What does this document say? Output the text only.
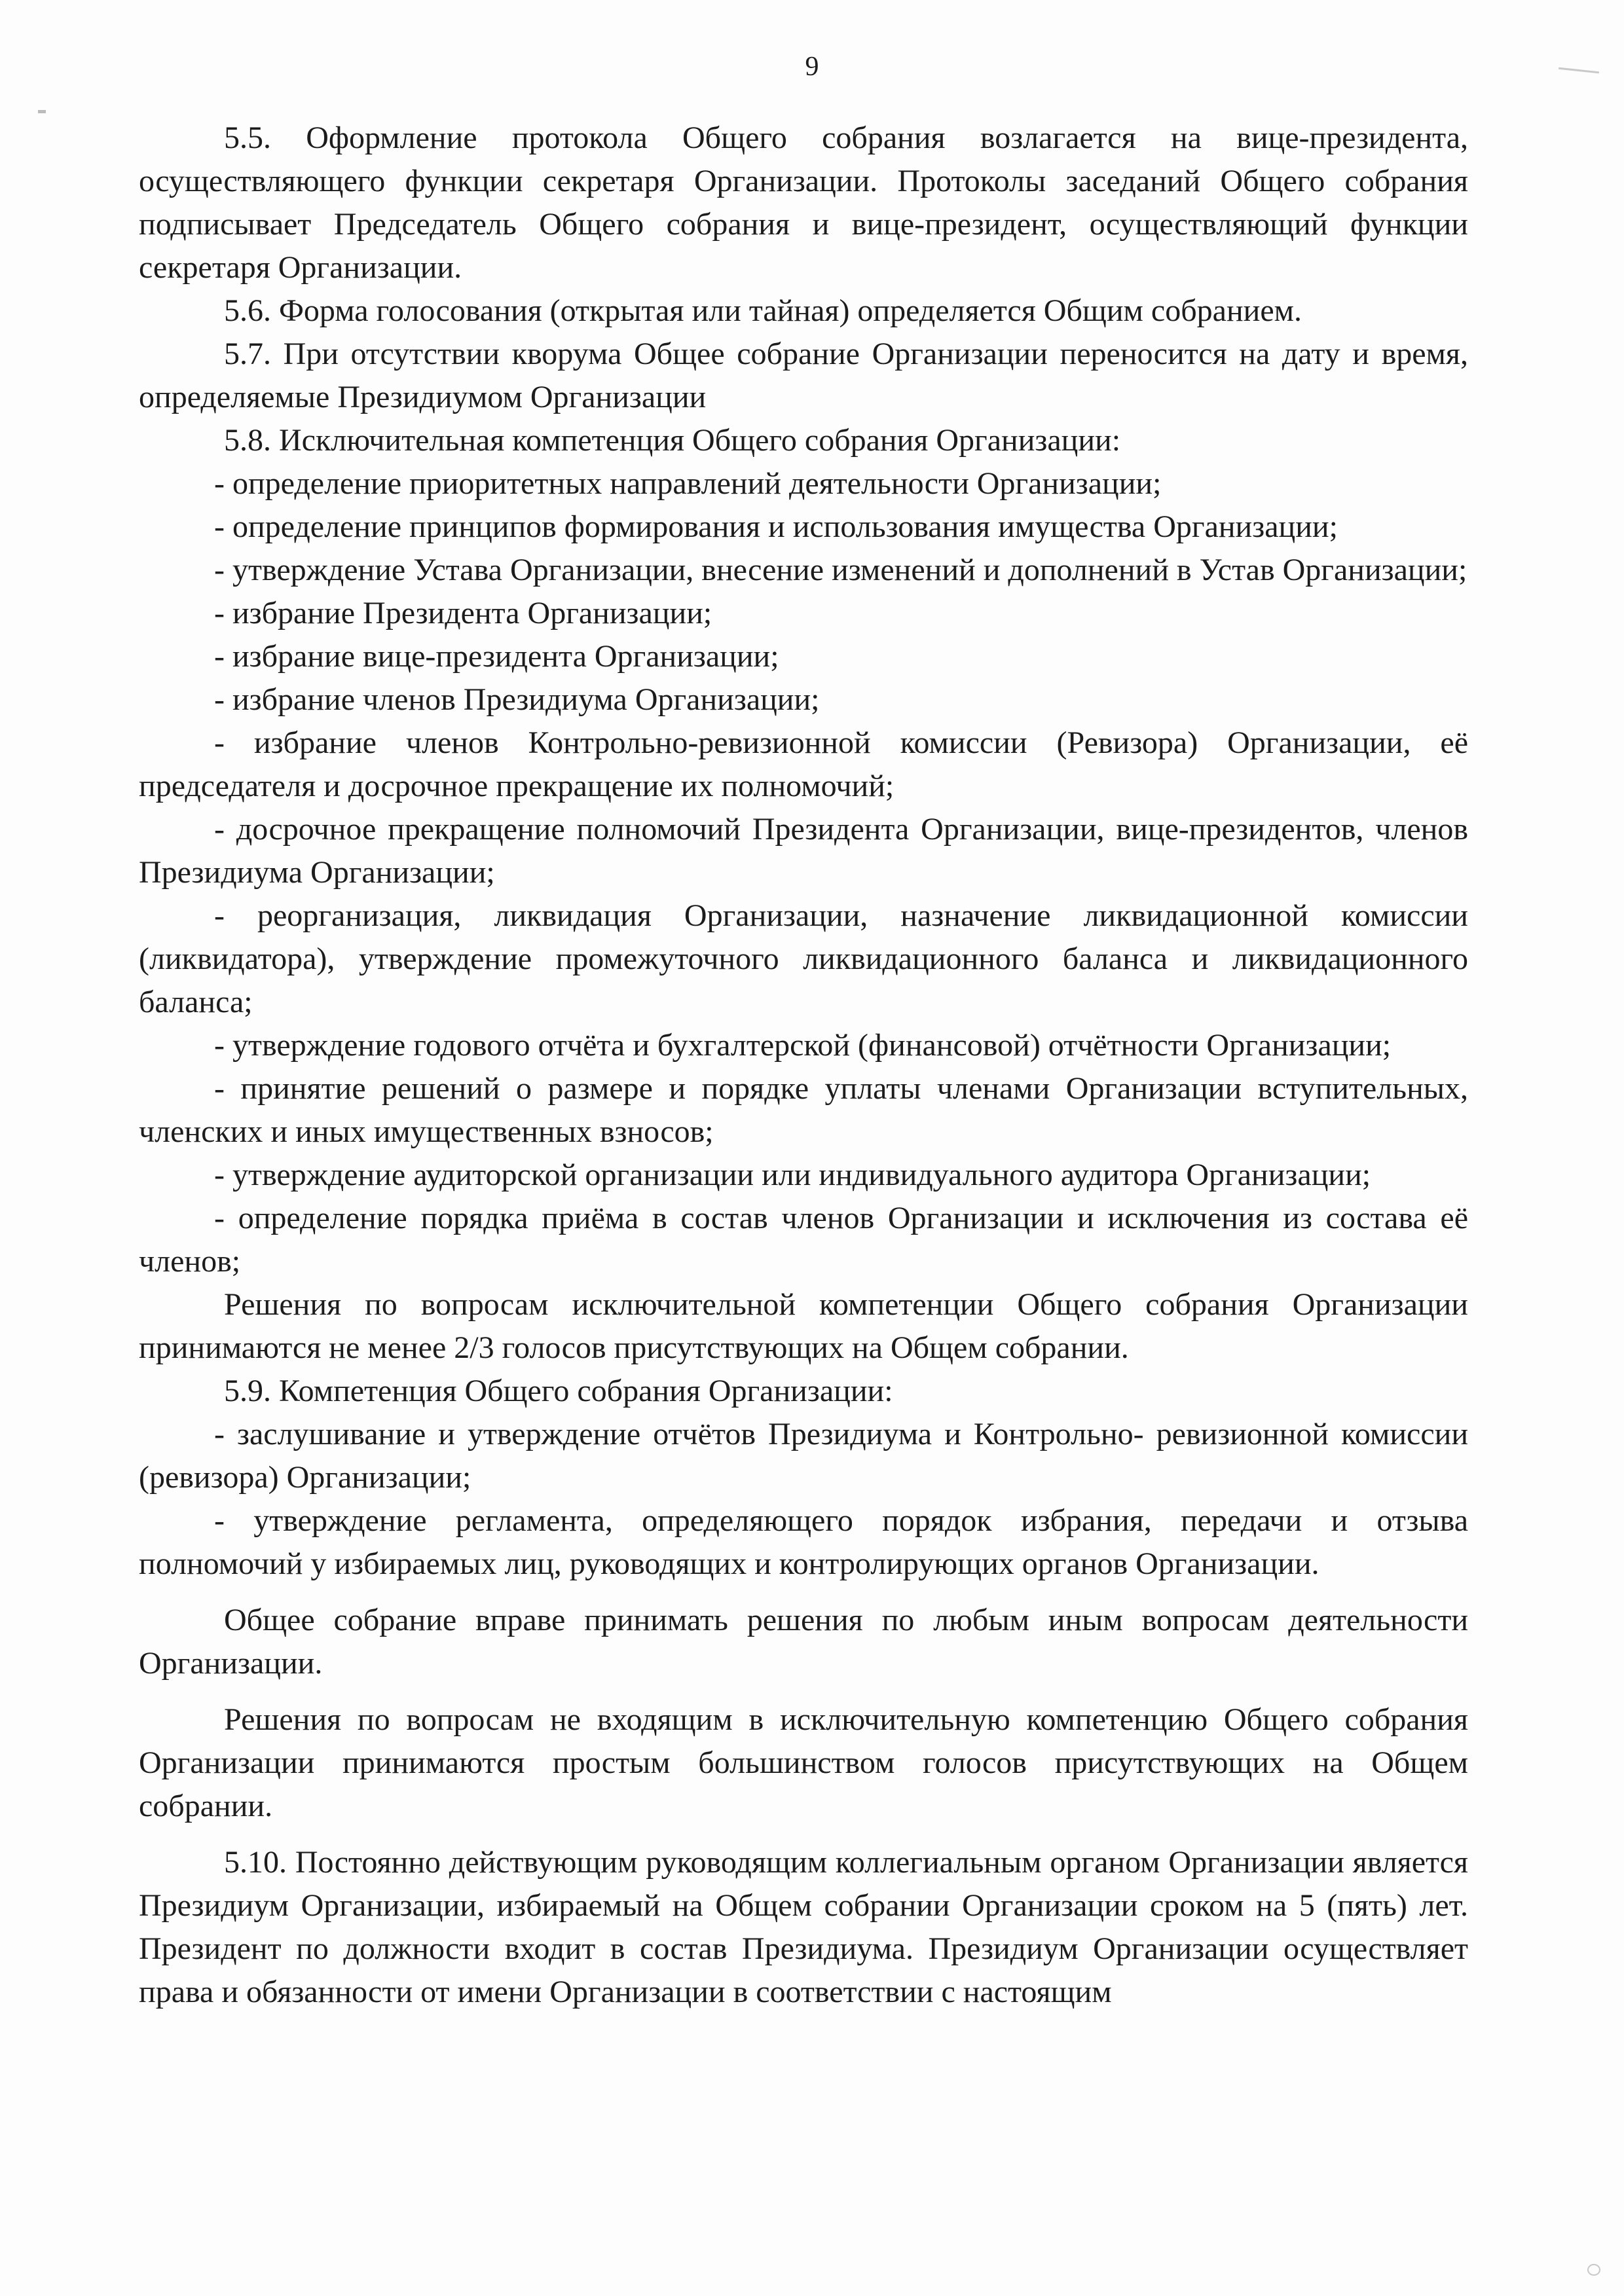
9

5.5. Оформление протокола Общего собрания возлагается на вице-президента, осуществляющего функции секретаря Организации. Протоколы заседаний Общего собрания подписывает Председатель Общего собрания и вице-президент, осуществляющий функции секретаря Организации.

5.6. Форма голосования (открытая или тайная) определяется Общим собранием.

5.7. При отсутствии кворума Общее собрание Организации переносится на дату и время, определяемые Президиумом Организации

5.8. Исключительная компетенция Общего собрания Организации:

- определение приоритетных направлений деятельности Организации;

- определение принципов формирования и использования имущества Организации;

- утверждение Устава Организации, внесение изменений и дополнений в Устав Организации;

- избрание Президента Организации;

- избрание вице-президента Организации;

- избрание членов Президиума Организации;

- избрание членов Контрольно-ревизионной комиссии (Ревизора) Организации, её председателя и досрочное прекращение их полномочий;

- досрочное прекращение полномочий Президента Организации, вице-президентов, членов Президиума Организации;

- реорганизация, ликвидация Организации, назначение ликвидационной комиссии (ликвидатора), утверждение промежуточного ликвидационного баланса и ликвидационного баланса;

- утверждение годового отчёта и бухгалтерской (финансовой) отчётности Организации;

- принятие решений о размере и порядке уплаты членами Организации вступительных, членских и иных имущественных взносов;

- утверждение аудиторской организации или индивидуального аудитора Организации;

- определение порядка приёма в состав членов Организации и исключения из состава её членов;

Решения по вопросам исключительной компетенции Общего собрания Организации принимаются не менее 2/3 голосов присутствующих на Общем собрании.

5.9. Компетенция Общего собрания Организации:

- заслушивание и утверждение отчётов Президиума и Контрольно- ревизионной комиссии (ревизора) Организации;

- утверждение регламента, определяющего порядок избрания, передачи и отзыва полномочий у избираемых лиц, руководящих и контролирующих органов Организации.

Общее собрание вправе принимать решения по любым иным вопросам деятельности Организации.

Решения по вопросам не входящим в исключительную компетенцию Общего собрания Организации принимаются простым большинством голосов присутствующих на Общем собрании.

5.10. Постоянно действующим руководящим коллегиальным органом Организации является Президиум Организации, избираемый на Общем собрании Организации сроком на 5 (пять) лет. Президент по должности входит в состав Президиума. Президиум Организации осуществляет права и обязанности от имени Организации в соответствии с настоящим
